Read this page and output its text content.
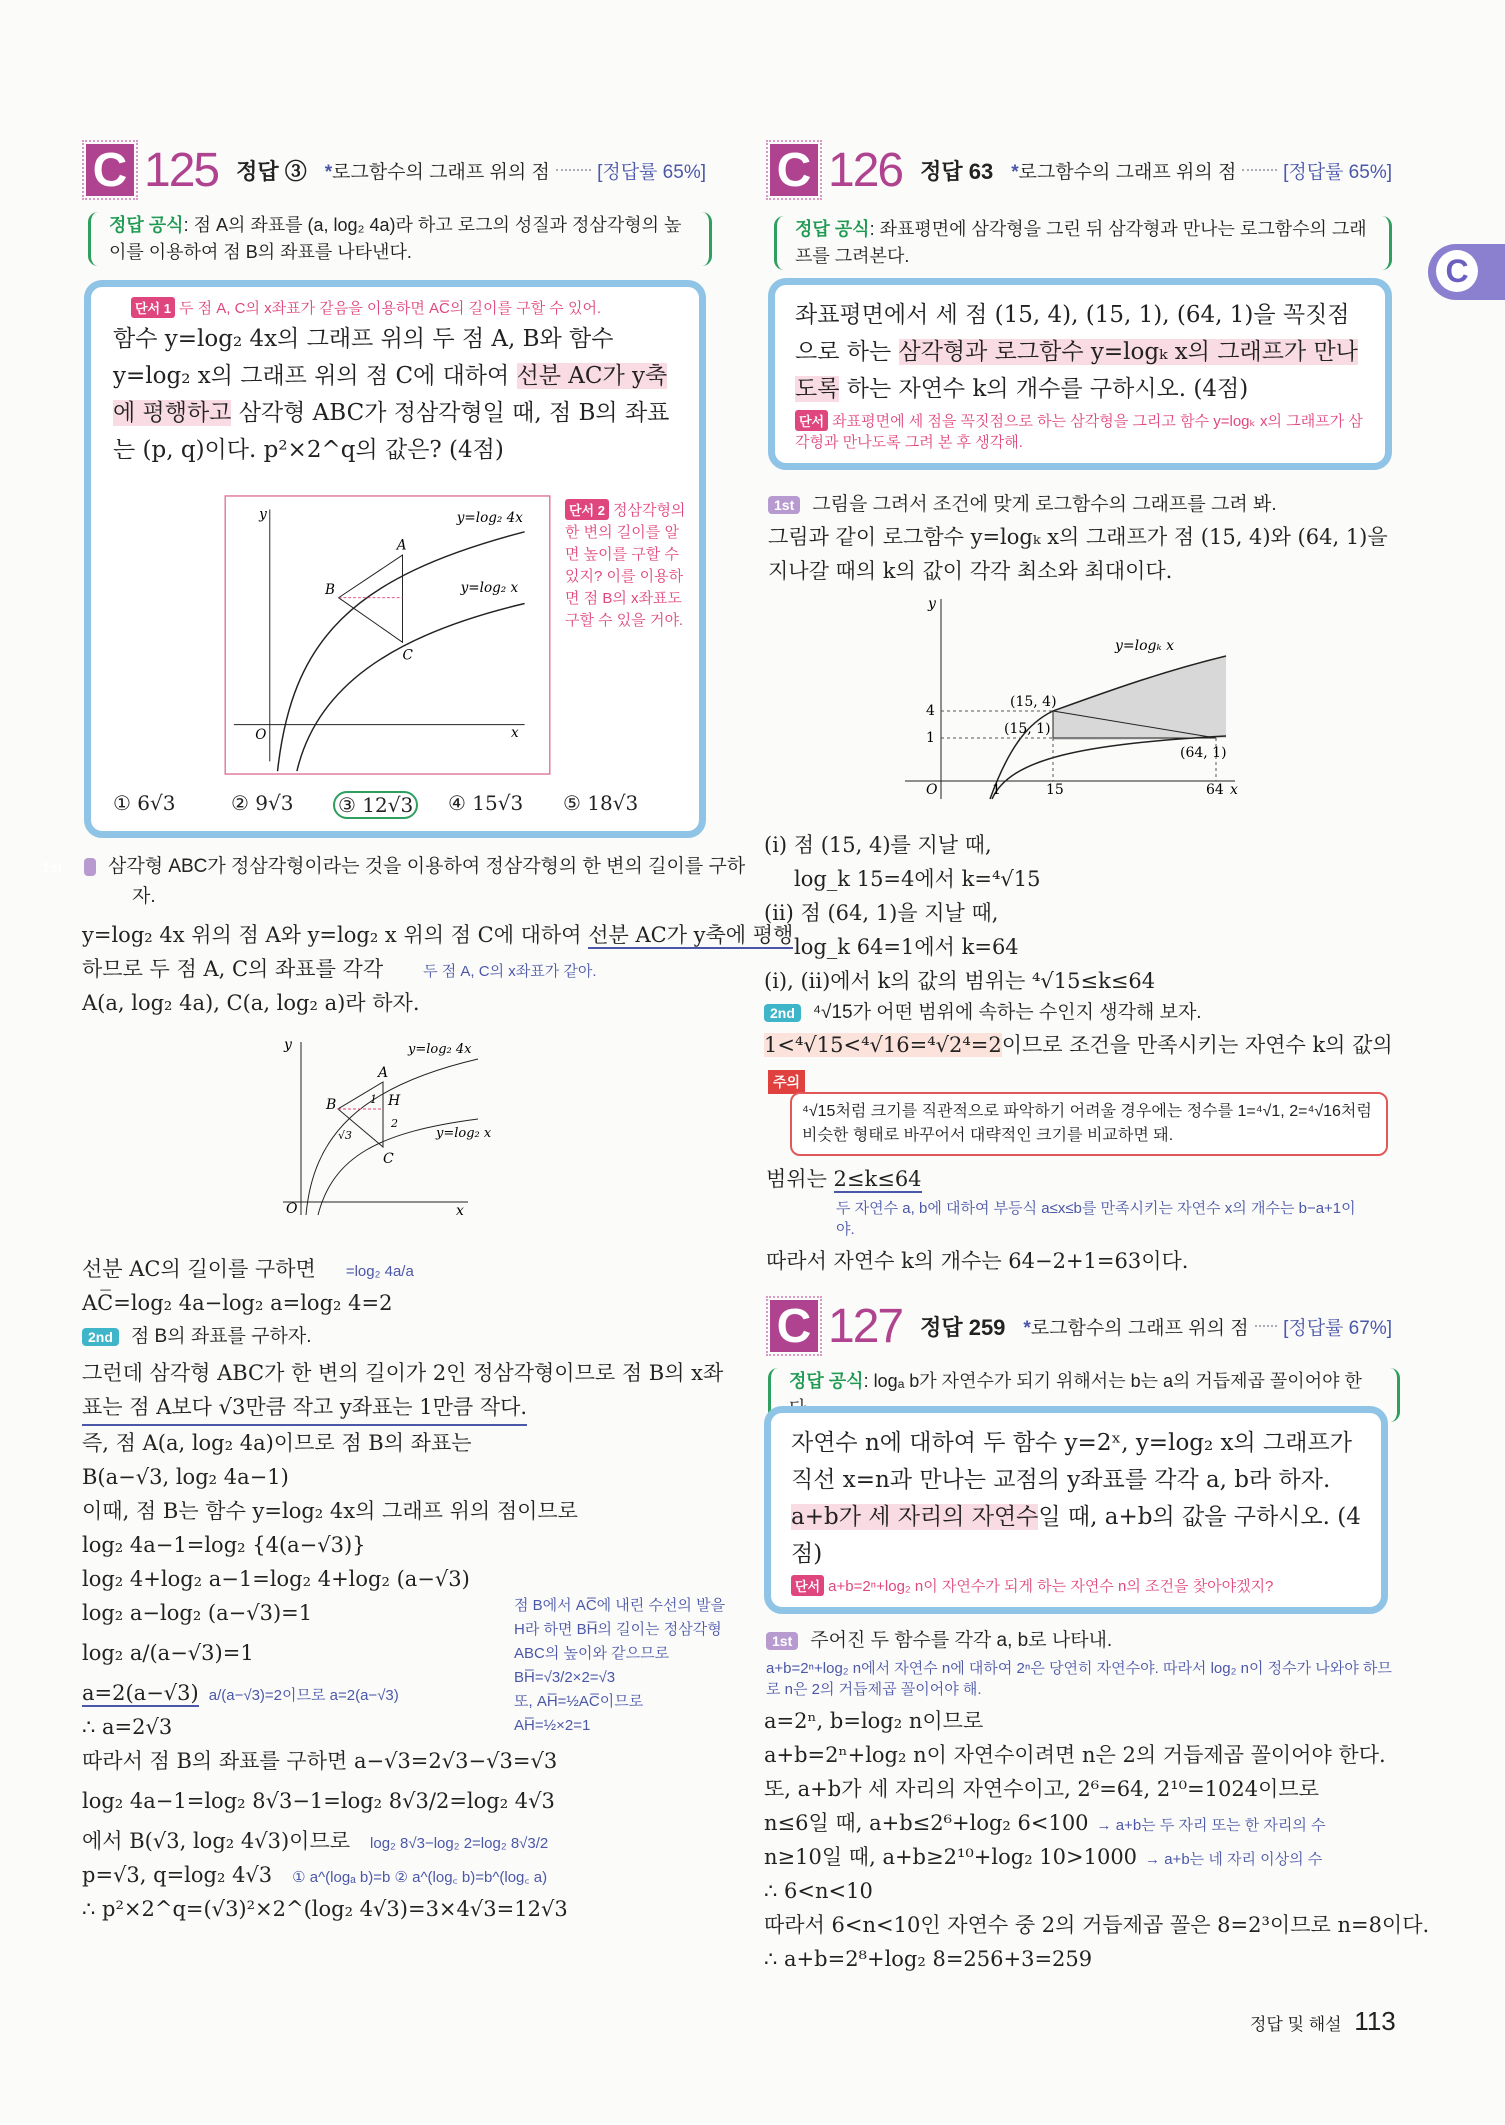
C
C 125 정답 ③ *로그함수의 그래프 위의 점 [정답률 65%]
정답 공식: 점 A의 좌표를 (a, log₂ 4a)라 하고 로그의 성질과 정삼각형의 높이를 이용하여 점 B의 좌표를 나타낸다.
단서 1 두 점 A, C의 x좌표가 같음을 이용하면 AC̅의 길이를 구할 수 있어.
함수 y=log₂ 4x의 그래프 위의 두 점 A, B와 함수 y=log₂ x의 그래프 위의 점 C에 대하여 선분 AC가 y축에 평행하고 삼각형 ABC가 정삼각형일 때, 점 B의 좌표는 (p, q)이다. p²×2^q의 값은? (4점)
단서 2 정삼각형의 한 변의 길이를 알면 높이를 구할 수 있지? 이를 이용하면 점 B의 x좌표도 구할 수 있을 거야.
y
x
O
A
B
C
y=log₂ 4x
y=log₂ x
① 6√3	② 9√3 ③ 12√3 ④ 15√3 ⑤ 18√3
1st 삼각형 ABC가 정삼각형이라는 것을 이용하여 정삼각형의 한 변의 길이를 구하자.
y=log₂ 4x 위의 점 A와 y=log₂ x 위의 점 C에 대하여 선분 AC가 y축에 평행
하므로 두 점 A, C의 좌표를 각각	두 점 A, C의 x좌표가 같아.
A(a, log₂ 4a), C(a, log₂ a)라 하자.
y
x
O
A
B
C
H
1
2
√3
y=log₂ 4x
y=log₂ x
선분 AC의 길이를 구하면 =log₂ 4a/a
AC̅=log₂ 4a−log₂ a=log₂ 4=2
2nd 점 B의 좌표를 구하자.
그런데 삼각형 ABC가 한 변의 길이가 2인 정삼각형이므로 점 B의 x좌
표는 점 A보다 √3만큼 작고 y좌표는 1만큼 작다.
즉, 점 A(a, log₂ 4a)이므로 점 B의 좌표는
B(a−√3, log₂ 4a−1)
이때, 점 B는 함수 y=log₂ 4x의 그래프 위의 점이므로
log₂ 4a−1=log₂ {4(a−√3)}
log₂ 4+log₂ a−1=log₂ 4+log₂ (a−√3)
log₂ a−log₂ (a−√3)=1
log₂ a/(a−√3)=1
a=2(a−√3) a/(a−√3)=2이므로 a=2(a−√3)
∴ a=2√3
따라서 점 B의 좌표를 구하면 a−√3=2√3−√3=√3
log₂ 4a−1=log₂ 8√3−1=log₂ 8√3/2=log₂ 4√3
에서 B(√3, log₂ 4√3)이므로 log₂ 8√3−log₂ 2=log₂ 8√3/2
p=√3, q=log₂ 4√3 ① a^(logₐ b)=b ② a^(log꜀ b)=b^(log꜀ a)
∴ p²×2^q=(√3)²×2^(log₂ 4√3)=3×4√3=12√3
점 B에서 AC̅에 내린 수선의 발을
H라 하면 BH̅의 길이는 정삼각형
ABC의 높이와 같으므로
BH̅=√3/2×2=√3
또, AH̅=½AC̅이므로
AH̅=½×2=1
C 126 정답 63 *로그함수의 그래프 위의 점 [정답률 65%]
정답 공식: 좌표평면에 삼각형을 그린 뒤 삼각형과 만나는 로그함수의 그래프를 그려본다.
좌표평면에서 세 점 (15, 4), (15, 1), (64, 1)을 꼭짓점으로 하는 삼각형과 로그함수 y=logₖ x의 그래프가 만나도록 하는 자연수 k의 개수를 구하시오. (4점)
단서 좌표평면에 세 점을 꼭짓점으로 하는 삼각형을 그리고 함수 y=logₖ x의 그래프가 삼각형과 만나도록 그려 본 후 생각해.
1st 그림을 그려서 조건에 맞게 로그함수의 그래프를 그려 봐.
그림과 같이 로그함수 y=logₖ x의 그래프가 점 (15, 4)와 (64, 1)을 지나갈 때의 k의 값이 각각 최소와 최대이다.
y
x
O
y=logₖ x
(15, 4)
(15, 1)
(64, 1)
4
1
1	15	64
(i) 점 (15, 4)를 지날 때,
log_k 15=4에서 k=⁴√15
(ii) 점 (64, 1)을 지날 때,
log_k 64=1에서 k=64
(i), (ii)에서 k의 값의 범위는 ⁴√15≤k≤64
2nd ⁴√15가 어떤 범위에 속하는 수인지 생각해 보자.
1<⁴√15<⁴√16=⁴√2⁴=2이므로 조건을 만족시키는 자연수 k의 값의
주의
⁴√15처럼 크기를 직관적으로 파악하기 어려울 경우에는 정수를 1=⁴√1, 2=⁴√16처럼 비슷한 형태로 바꾸어서 대략적인 크기를 비교하면 돼.
범위는 2≤k≤64
두 자연수 a, b에 대하여 부등식 a≤x≤b를 만족시키는 자연수 x의 개수는 b−a+1이야.
따라서 자연수 k의 개수는 64−2+1=63이다.
C 127 정답 259 *로그함수의 그래프 위의 점 [정답률 67%]
정답 공식: logₐ b가 자연수가 되기 위해서는 b는 a의 거듭제곱 꼴이어야 한
자연수 n에 대하여 두 함수 y=2ˣ, y=log₂ x의 그래프가 직선 x=n과 만나는 교점의 y좌표를 각각 a, b라 하자. a+b가 세 자리의 자연수일 때, a+b의 값을 구하시오. (4점)
단서 a+b=2ⁿ+log₂ n이 자연수가 되게 하는 자연수 n의 조건을 찾아야겠지?
1st 주어진 두 함수를 각각 a, b로 나타내.
a+b=2ⁿ+log₂ n에서 자연수 n에 대하여 2ⁿ은 당연히 자연수야. 따라서 log₂ n이 정수가 나와야 하므로 n은 2의 거듭제곱 꼴이어야 해.
a=2ⁿ, b=log₂ n이므로
a+b=2ⁿ+log₂ n이 자연수이려면 n은 2의 거듭제곱 꼴이어야 한다.
또, a+b가 세 자리의 자연수이고, 2⁶=64, 2¹⁰=1024이므로
n≤6일 때, a+b≤2⁶+log₂ 6<100 → a+b는 두 자리 또는 한 자리의 수
n≥10일 때, a+b≥2¹⁰+log₂ 10>1000 → a+b는 네 자리 이상의 수
∴ 6<n<10
따라서 6<n<10인 자연수 중 2의 거듭제곱 꼴은 8=2³이므로 n=8이다.
∴ a+b=2⁸+log₂ 8=256+3=259
정답 및 해설 113
